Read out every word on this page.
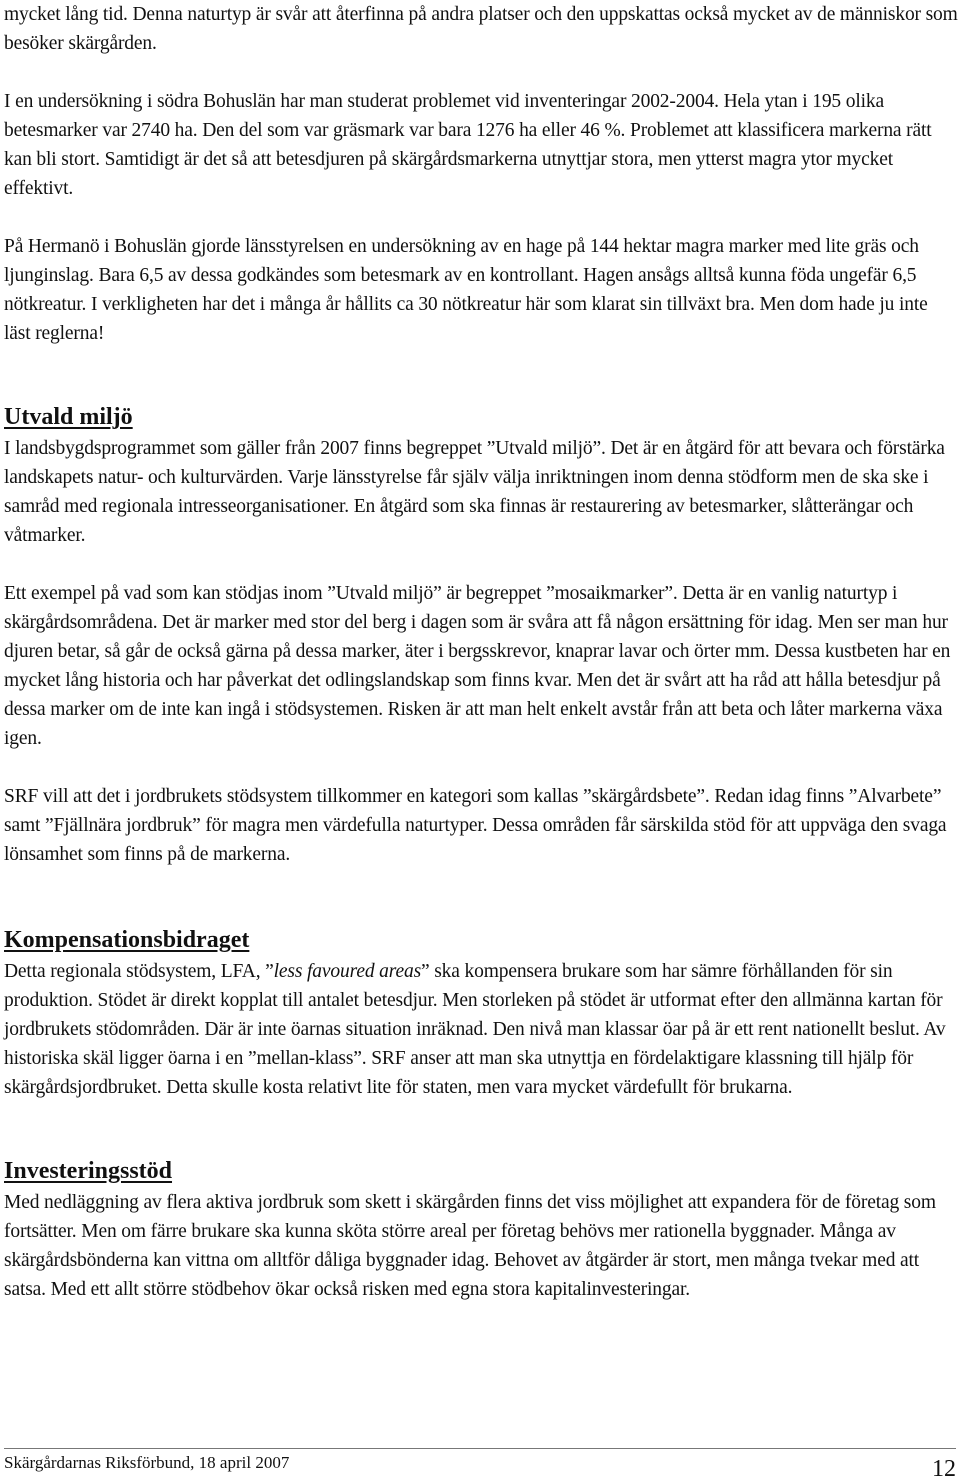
mycket lång tid. Denna naturtyp är svår att återfinna på andra platser och den uppskattas också mycket av de människor som besöker skärgården.

I en undersökning i södra Bohuslän har man studerat problemet vid inventeringar 2002-2004. Hela ytan i 195 olika betesmarker var 2740 ha. Den del som var gräsmark var bara 1276 ha eller 46 %. Problemet att klassificera markerna rätt kan bli stort. Samtidigt är det så att betesdjuren på skärgårdsmarkerna utnyttjar stora, men ytterst magra ytor mycket effektivt.

På Hermanö i Bohuslän gjorde länsstyrelsen en undersökning av en hage på 144 hektar magra marker med lite gräs och ljunginslag. Bara 6,5 av dessa godkändes som betesmark av en kontrollant. Hagen ansågs alltså kunna föda ungefär 6,5 nötkreatur. I verkligheten har det i många år hållits ca 30 nötkreatur här som klarat sin tillväxt bra. Men dom hade ju inte läst reglerna!

Utvald miljö

I landsbygdsprogrammet som gäller från 2007 finns begreppet ”Utvald miljö”. Det är en åtgärd för att bevara och förstärka landskapets natur- och kulturvärden. Varje länsstyrelse får själv välja inriktningen inom denna stödform men de ska ske i samråd med regionala intresseorganisationer. En åtgärd som ska finnas är restaurering av betesmarker, slåtterängar och våtmarker.

Ett exempel på vad som kan stödjas inom ”Utvald miljö” är begreppet ”mosaikmarker”. Detta är en vanlig naturtyp i skärgårdsområdena. Det är marker med stor del berg i dagen som är svåra att få någon ersättning för idag. Men ser man hur djuren betar, så går de också gärna på dessa marker, äter i bergsskrevor, knaprar lavar och örter mm. Dessa kustbeten har en mycket lång historia och har påverkat det odlingslandskap som finns kvar. Men det är svårt att ha råd att hålla betesdjur på dessa marker om de inte kan ingå i stödsystemen. Risken är att man helt enkelt avstår från att beta och låter markerna växa igen.

SRF vill att det i jordbrukets stödsystem tillkommer en kategori som kallas ”skärgårdsbete”. Redan idag finns ”Alvarbete” samt ”Fjällnära jordbruk” för magra men värdefulla naturtyper. Dessa områden får särskilda stöd för att uppväga den svaga lönsamhet som finns på de markerna.

Kompensationsbidraget

Detta regionala stödsystem, LFA, ”less favoured areas” ska kompensera brukare som har sämre förhållanden för sin produktion. Stödet är direkt kopplat till antalet betesdjur. Men storleken på stödet är utformat efter den allmänna kartan för jordbrukets stödområden. Där är inte öarnas situation inräknad. Den nivå man klassar öar på är ett rent nationellt beslut. Av historiska skäl ligger öarna i en ”mellan-klass”. SRF anser att man ska utnyttja en fördelaktigare klassning till hjälp för skärgårdsjordbruket. Detta skulle kosta relativt lite för staten, men vara mycket värdefullt för brukarna.

Investeringsstöd

Med nedläggning av flera aktiva jordbruk som skett i skärgården finns det viss möjlighet att expandera för de företag som fortsätter. Men om färre brukare ska kunna sköta större areal per företag behövs mer rationella byggnader. Många av skärgårdsbönderna kan vittna om alltför dåliga byggnader idag. Behovet av åtgärder är stort, men många tvekar med att satsa. Med ett allt större stödbehov ökar också risken med egna stora kapitalinvesteringar.

Skärgårdarnas Riksförbund, 18 april 2007	12
